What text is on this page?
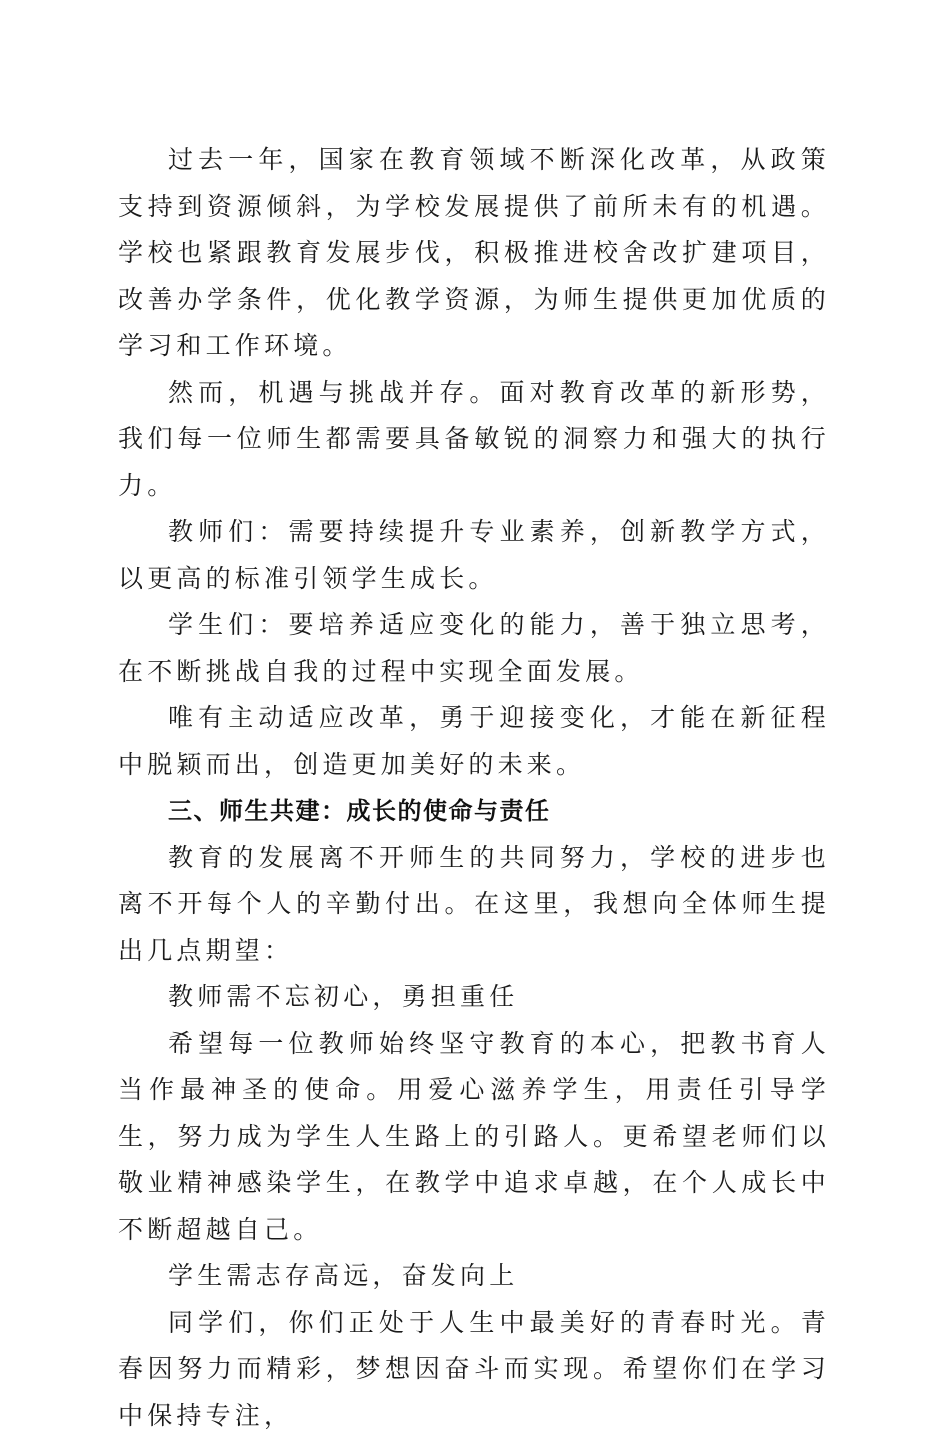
过去一年，国家在教育领域不断深化改革，从政策支持到资源倾斜，为学校发展提供了前所未有的机遇。学校也紧跟教育发展步伐，积极推进校舍改扩建项目，改善办学条件，优化教学资源，为师生提供更加优质的学习和工作环境。

然而，机遇与挑战并存。面对教育改革的新形势，我们每一位师生都需要具备敏锐的洞察力和强大的执行力。

教师们：需要持续提升专业素养，创新教学方式，以更高的标准引领学生成长。

学生们：要培养适应变化的能力，善于独立思考，在不断挑战自我的过程中实现全面发展。

唯有主动适应改革，勇于迎接变化，才能在新征程中脱颖而出，创造更加美好的未来。

三、师生共建：成长的使命与责任

教育的发展离不开师生的共同努力，学校的进步也离不开每个人的辛勤付出。在这里，我想向全体师生提出几点期望：

教师需不忘初心，勇担重任

希望每一位教师始终坚守教育的本心，把教书育人当作最神圣的使命。用爱心滋养学生，用责任引导学生，努力成为学生人生路上的引路人。更希望老师们以敬业精神感染学生，在教学中追求卓越，在个人成长中不断超越自己。

学生需志存高远，奋发向上

同学们，你们正处于人生中最美好的青春时光。青春因努力而精彩，梦想因奋斗而实现。希望你们在学习中保持专注，
